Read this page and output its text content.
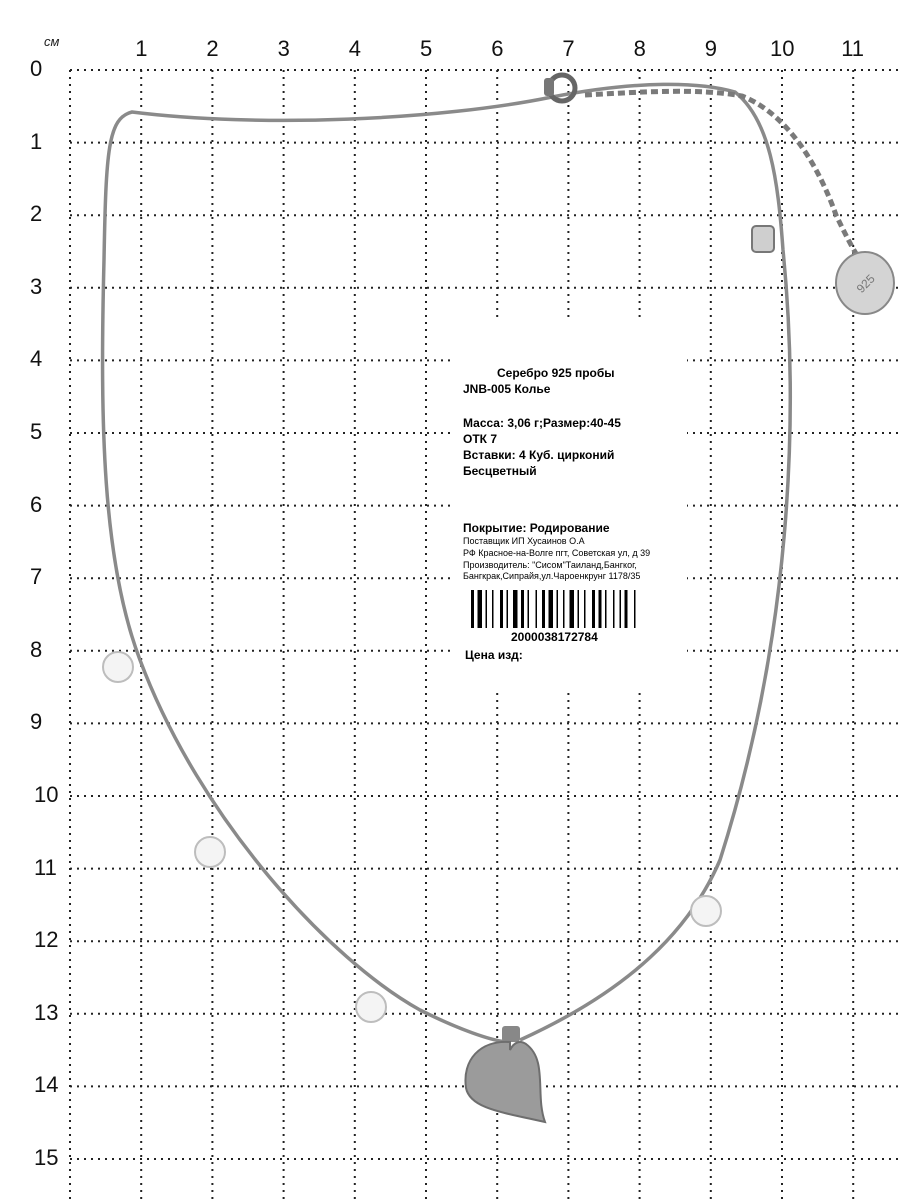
925
см	1	2	3	4	5	6	7	8	9 10 11
0
1
2
3
4
5
6
7
8
9
10
11
12
13
14
15
Серебро 925 пробы
JNB-005 Колье
Масса: 3,06 г;Размер:40-45
ОТК 7
Вставки: 4 Куб. цирконий
Бесцветный
Покрытие: Родирование
Поставщик ИП Хусаинов О.А
РФ Красное-на-Волге пгт, Советская ул, д 39
Производитель: "Сисом"Таиланд,Бангког,
Бангкрак,Сипрайя,ул.Чароенкрунг 1178/35
2000038172784
Цена изд:
